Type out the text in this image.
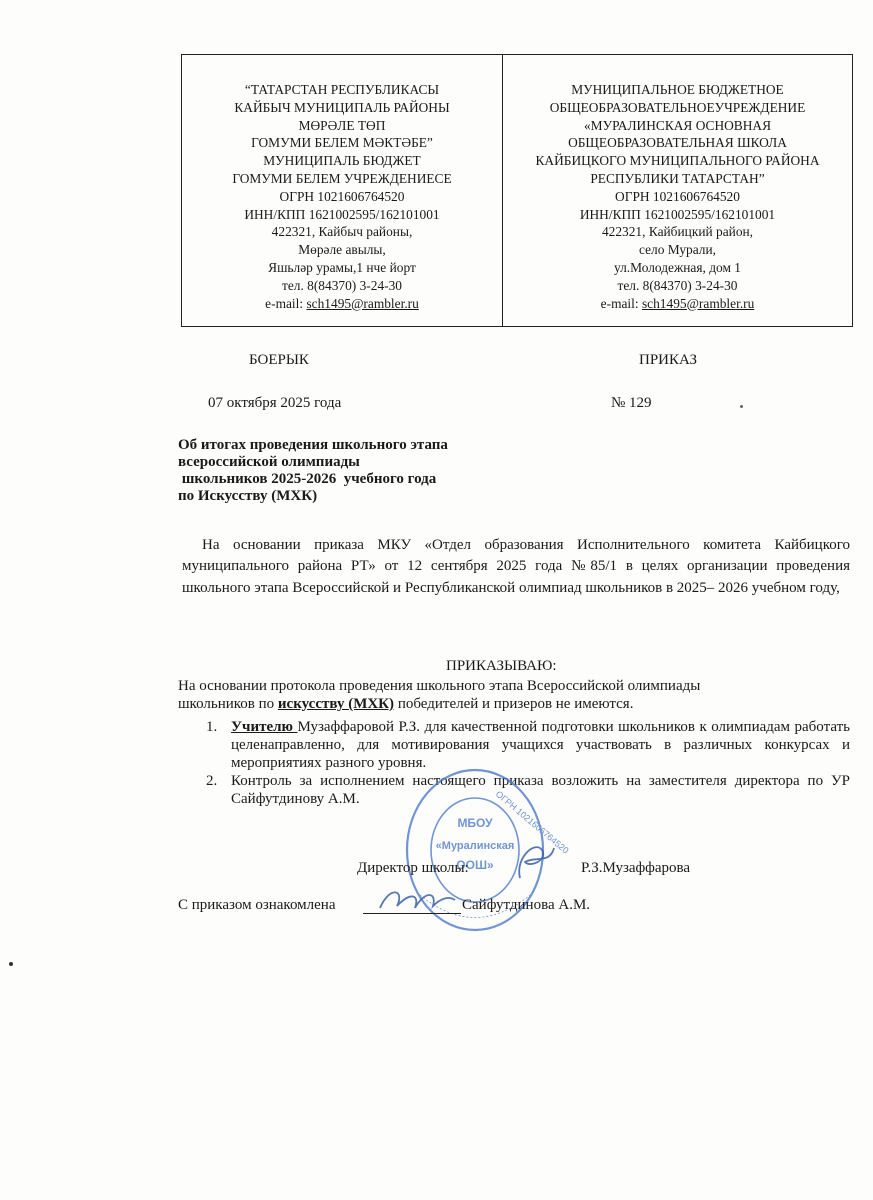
“ТАТАРСТАН РЕСПУБЛИКАСЫ
КАЙБЫЧ МУНИЦИПАЛЬ РАЙОНЫ
МӨРӘЛЕ ТӨП
ГОМУМИ БЕЛЕМ МӘКТӘБЕ”
МУНИЦИПАЛЬ БЮДЖЕТ
ГОМУМИ БЕЛЕМ УЧРЕЖДЕНИЕСЕ
ОГРН 1021606764520
ИНН/КПП 1621002595/162101001
422321, Кайбыч районы,
Мөрәле авылы,
Яшьләр урамы,1 нче йорт
тел. 8(84370) 3-24-30
e-mail: sch1495@rambler.ru
МУНИЦИПАЛЬНОЕ БЮДЖЕТНОЕ
ОБЩЕОБРАЗОВАТЕЛЬНОЕУЧРЕЖДЕНИЕ
«МУРАЛИНСКАЯ ОСНОВНАЯ
ОБЩЕОБРАЗОВАТЕЛЬНАЯ ШКОЛА
КАЙБИЦКОГО МУНИЦИПАЛЬНОГО РАЙОНА
РЕСПУБЛИКИ ТАТАРСТАН”
ОГРН 1021606764520
ИНН/КПП 1621002595/162101001
422321, Кайбицкий район,
село Мурали,
ул.Молодежная, дом 1
тел. 8(84370) 3-24-30
e-mail: sch1495@rambler.ru
БОЕРЫК	ПРИКАЗ
07 октября 2025 года	№ 129
Об итогах проведения школьного этапа
всероссийской олимпиады
школьников 2025-2026  учебного года
по Искусству (МХК)
На основании приказа МКУ «Отдел образования Исполнительного комитета Кайбицкого муниципального района РТ» от 12 сентября 2025 года №85/1 в целях организации проведения школьного этапа Всероссийской и Республиканской олимпиад школьников в 2025– 2026 учебном году,
ПРИКАЗЫВАЮ:
На основании протокола проведения школьного этапа Всероссийской олимпиады
школьников по искусству (МХК) победителей и призеров не имеются.
1. Учителю Музаффаровой Р.З. для качественной подготовки школьников к олимпиадам работать целенаправленно, для мотивирования учащихся участвовать в различных конкурсах и мероприятиях разного уровня.
2. Контроль за исполнением настоящего приказа возложить на заместителя директора по УР Сайфутдинову А.М.	ОГРН 1021606764520
МБОУ
«Муралинская
ООШ»
Директор школы:	Р.З.Музаффарова
С приказом ознакомлена	Сайфутдинова А.М.
